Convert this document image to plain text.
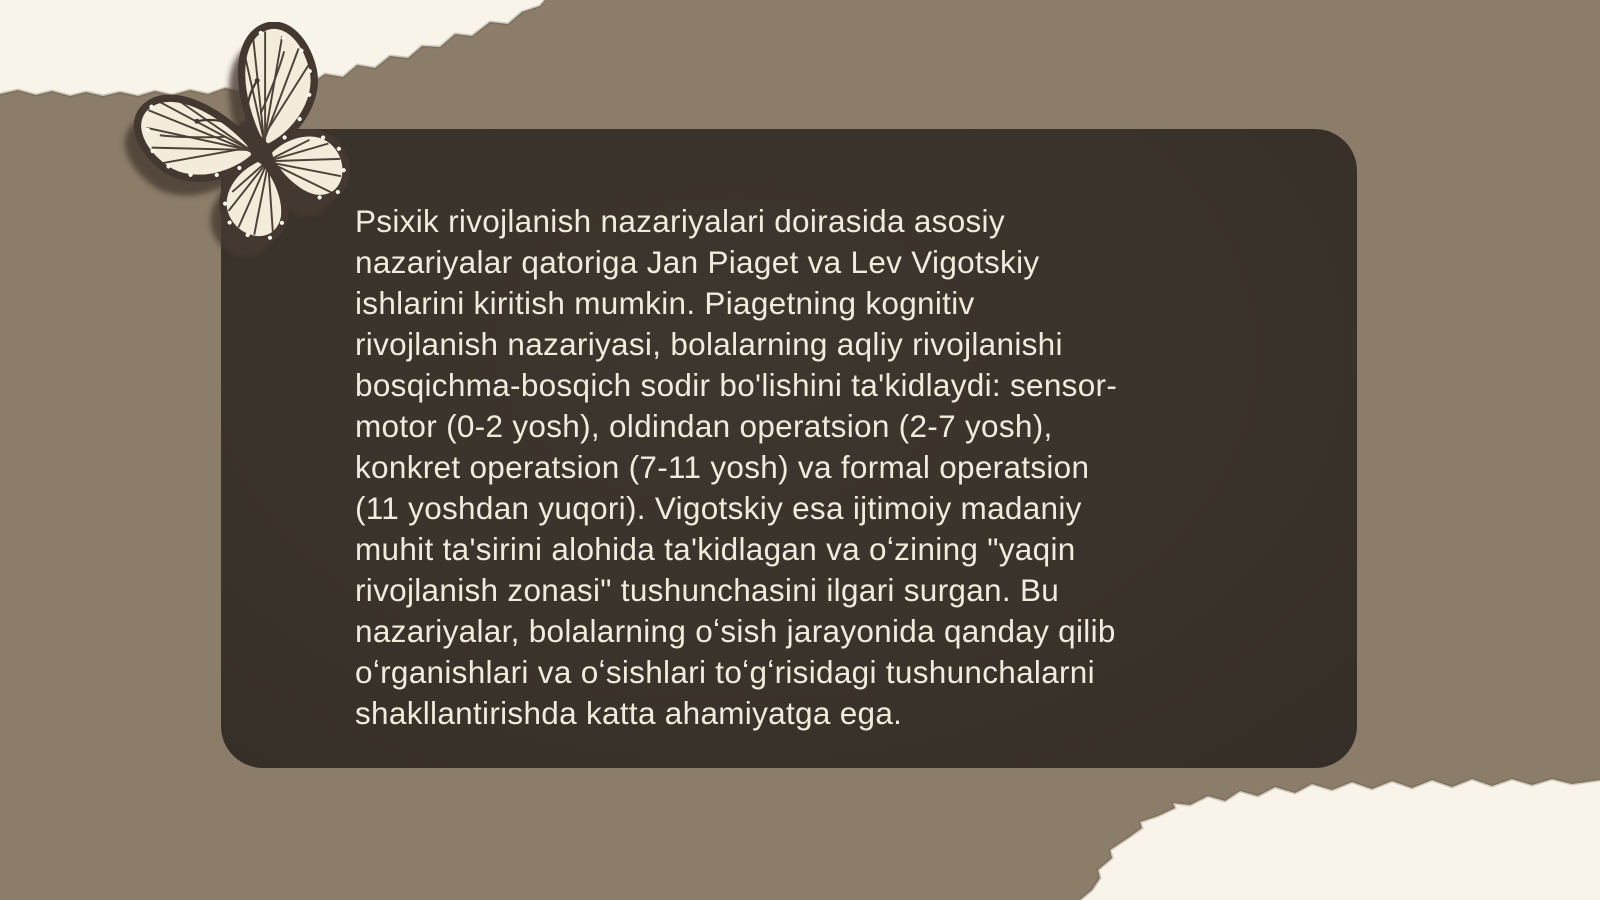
Psixik rivojlanish nazariyalari doirasida asosiy
nazariyalar qatoriga Jan Piaget va Lev Vigotskiy
ishlarini kiritish mumkin. Piagetning kognitiv
rivojlanish nazariyasi, bolalarning aqliy rivojlanishi
bosqichma-bosqich sodir bo'lishini ta'kidlaydi: sensor-
motor (0-2 yosh), oldindan operatsion (2-7 yosh),
konkret operatsion (7-11 yosh) va formal operatsion
(11 yoshdan yuqori). Vigotskiy esa ijtimoiy madaniy
muhit ta'sirini alohida ta'kidlagan va oʻzining "yaqin
rivojlanish zonasi" tushunchasini ilgari surgan. Bu
nazariyalar, bolalarning oʻsish jarayonida qanday qilib
oʻrganishlari va oʻsishlari toʻgʻrisidagi tushunchalarni
shakllantirishda katta ahamiyatga ega.
